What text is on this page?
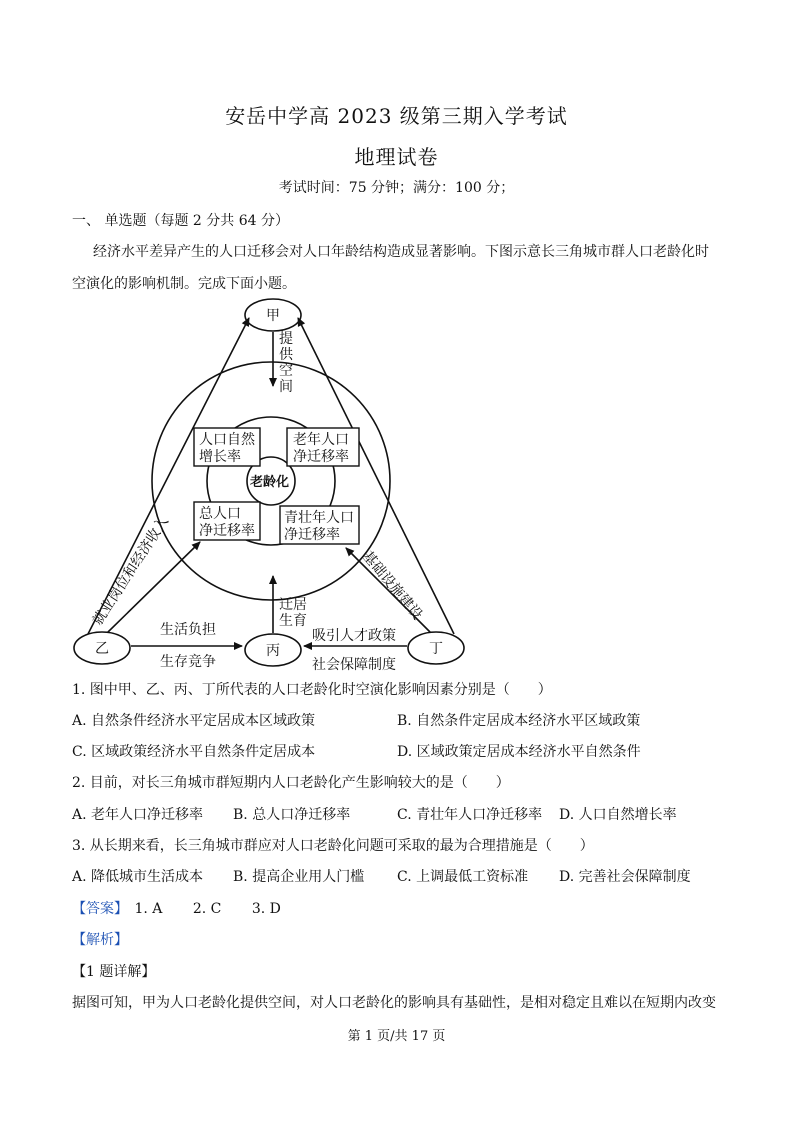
安岳中学高 2023 级第三期入学考试
地理试卷
考试时间：75 分钟；满分：100 分；
一、 单选题（每题 2 分共 64 分）
经济水平差异产生的人口迁移会对人口年龄结构造成显著影响。下图示意长三角城市群人口老龄化时
空演化的影响机制。完成下面小题。
甲
乙	丙	丁
老龄化
人口自然
增长率
老年人口
净迁移率
总人口
净迁移率
青壮年人口
净迁移率
提
供
空
间
迁居
生育
生活负担
生存竞争
吸引人才政策
社会保障制度
就业岗位和经济收入	基础设施建设
1. 图中甲、乙、丙、丁所代表的人口老龄化时空演化影响因素分别是（　　）
A. 自然条件经济水平定居成本区域政策	B. 自然条件定居成本经济水平区域政策
C. 区域政策经济水平自然条件定居成本	D. 区域政策定居成本经济水平自然条件
2. 目前，对长三角城市群短期内人口老龄化产生影响较大的是（　　）
A. 老年人口净迁移率 B. 总人口净迁移率	C. 青壮年人口净迁移率 D. 人口自然增长率
3. 从长期来看，长三角城市群应对人口老龄化问题可采取的最为合理措施是（　　）
A. 降低城市生活成本 B. 提高企业用人门槛 C. 上调最低工资标准 D. 完善社会保障制度
【答案】 1. A 2. C 3. D
【解析】
【1 题详解】
据图可知，甲为人口老龄化提供空间，对人口老龄化的影响具有基础性，是相对稳定且难以在短期内改变
第 1 页/共 17 页
